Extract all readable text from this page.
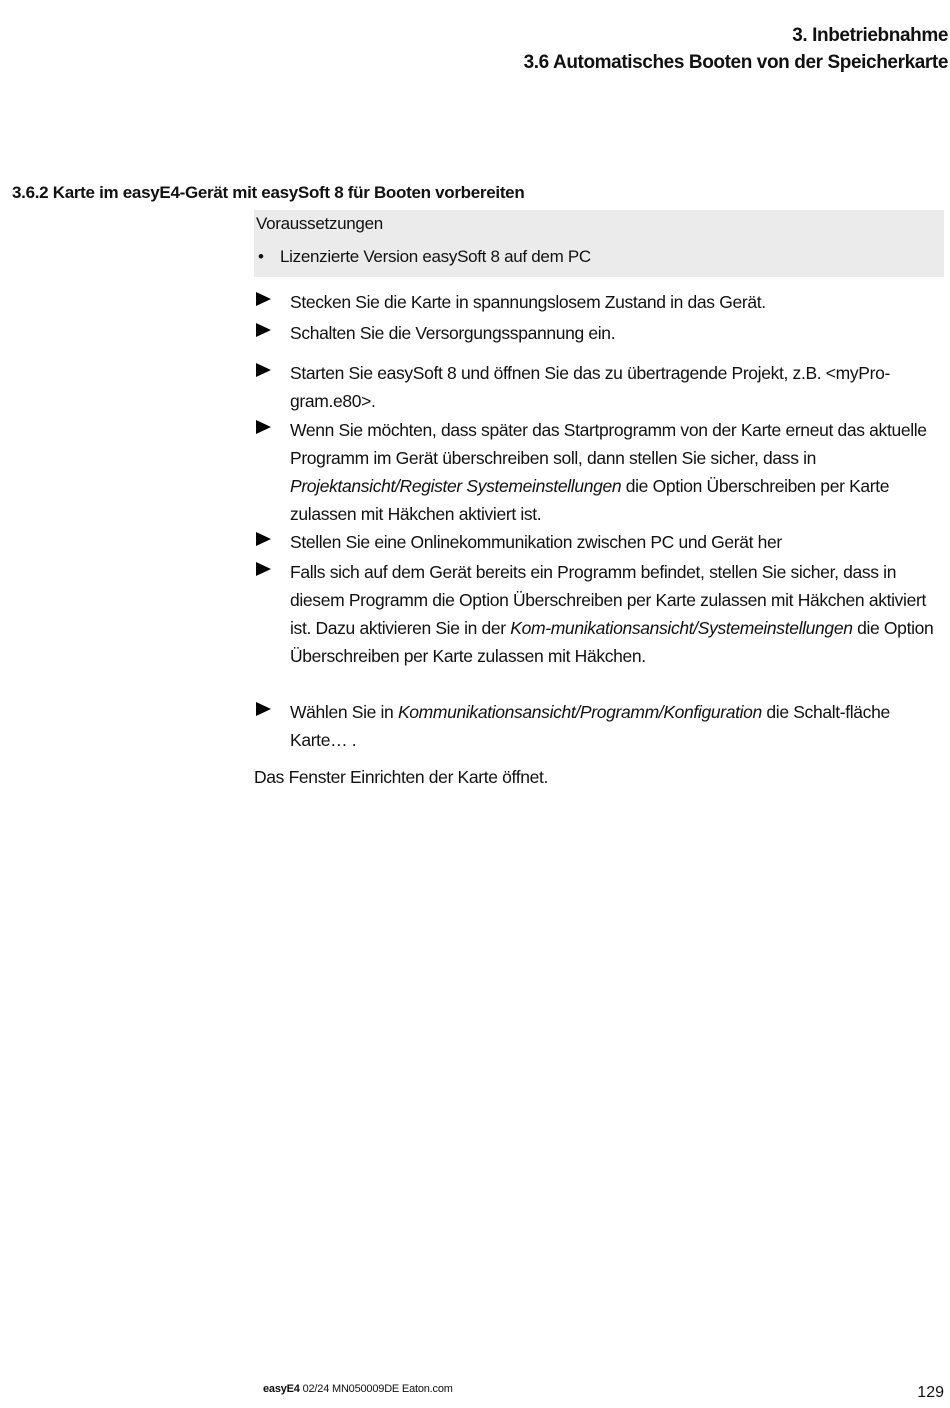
3. Inbetriebnahme
3.6 Automatisches Booten von der Speicherkarte
3.6.2 Karte im easyE4-Gerät mit easySoft 8 für Booten vorbereiten
Voraussetzungen
• Lizenzierte Version easySoft 8 auf dem PC
Stecken Sie die Karte in spannungslosem Zustand in das Gerät.
Schalten Sie die Versorgungsspannung ein.
Starten Sie easySoft 8 und öffnen Sie das zu übertragende Projekt, z.B. <myPro-gram.e80>.
Wenn Sie möchten, dass später das Startprogramm von der Karte erneut das aktuelle Programm im Gerät überschreiben soll, dann stellen Sie sicher, dass in Projektansicht/Register Systemeinstellungen die Option Überschreiben per Karte zulassen mit Häkchen aktiviert ist.
Stellen Sie eine Onlinekommunikation zwischen PC und Gerät her
Falls sich auf dem Gerät bereits ein Programm befindet, stellen Sie sicher, dass in diesem Programm die Option Überschreiben per Karte zulassen mit Häkchen aktiviert ist. Dazu aktivieren Sie in der Kom-munikationsansicht/Systemeinstellungen die Option Überschreiben per Karte zulassen mit Häkchen.
Wählen Sie in Kommunikationsansicht/Programm/Konfiguration die Schalt-fläche Karte… .
Das Fenster Einrichten der Karte öffnet.
easyE4 02/24 MN050009DE Eaton.com	129
